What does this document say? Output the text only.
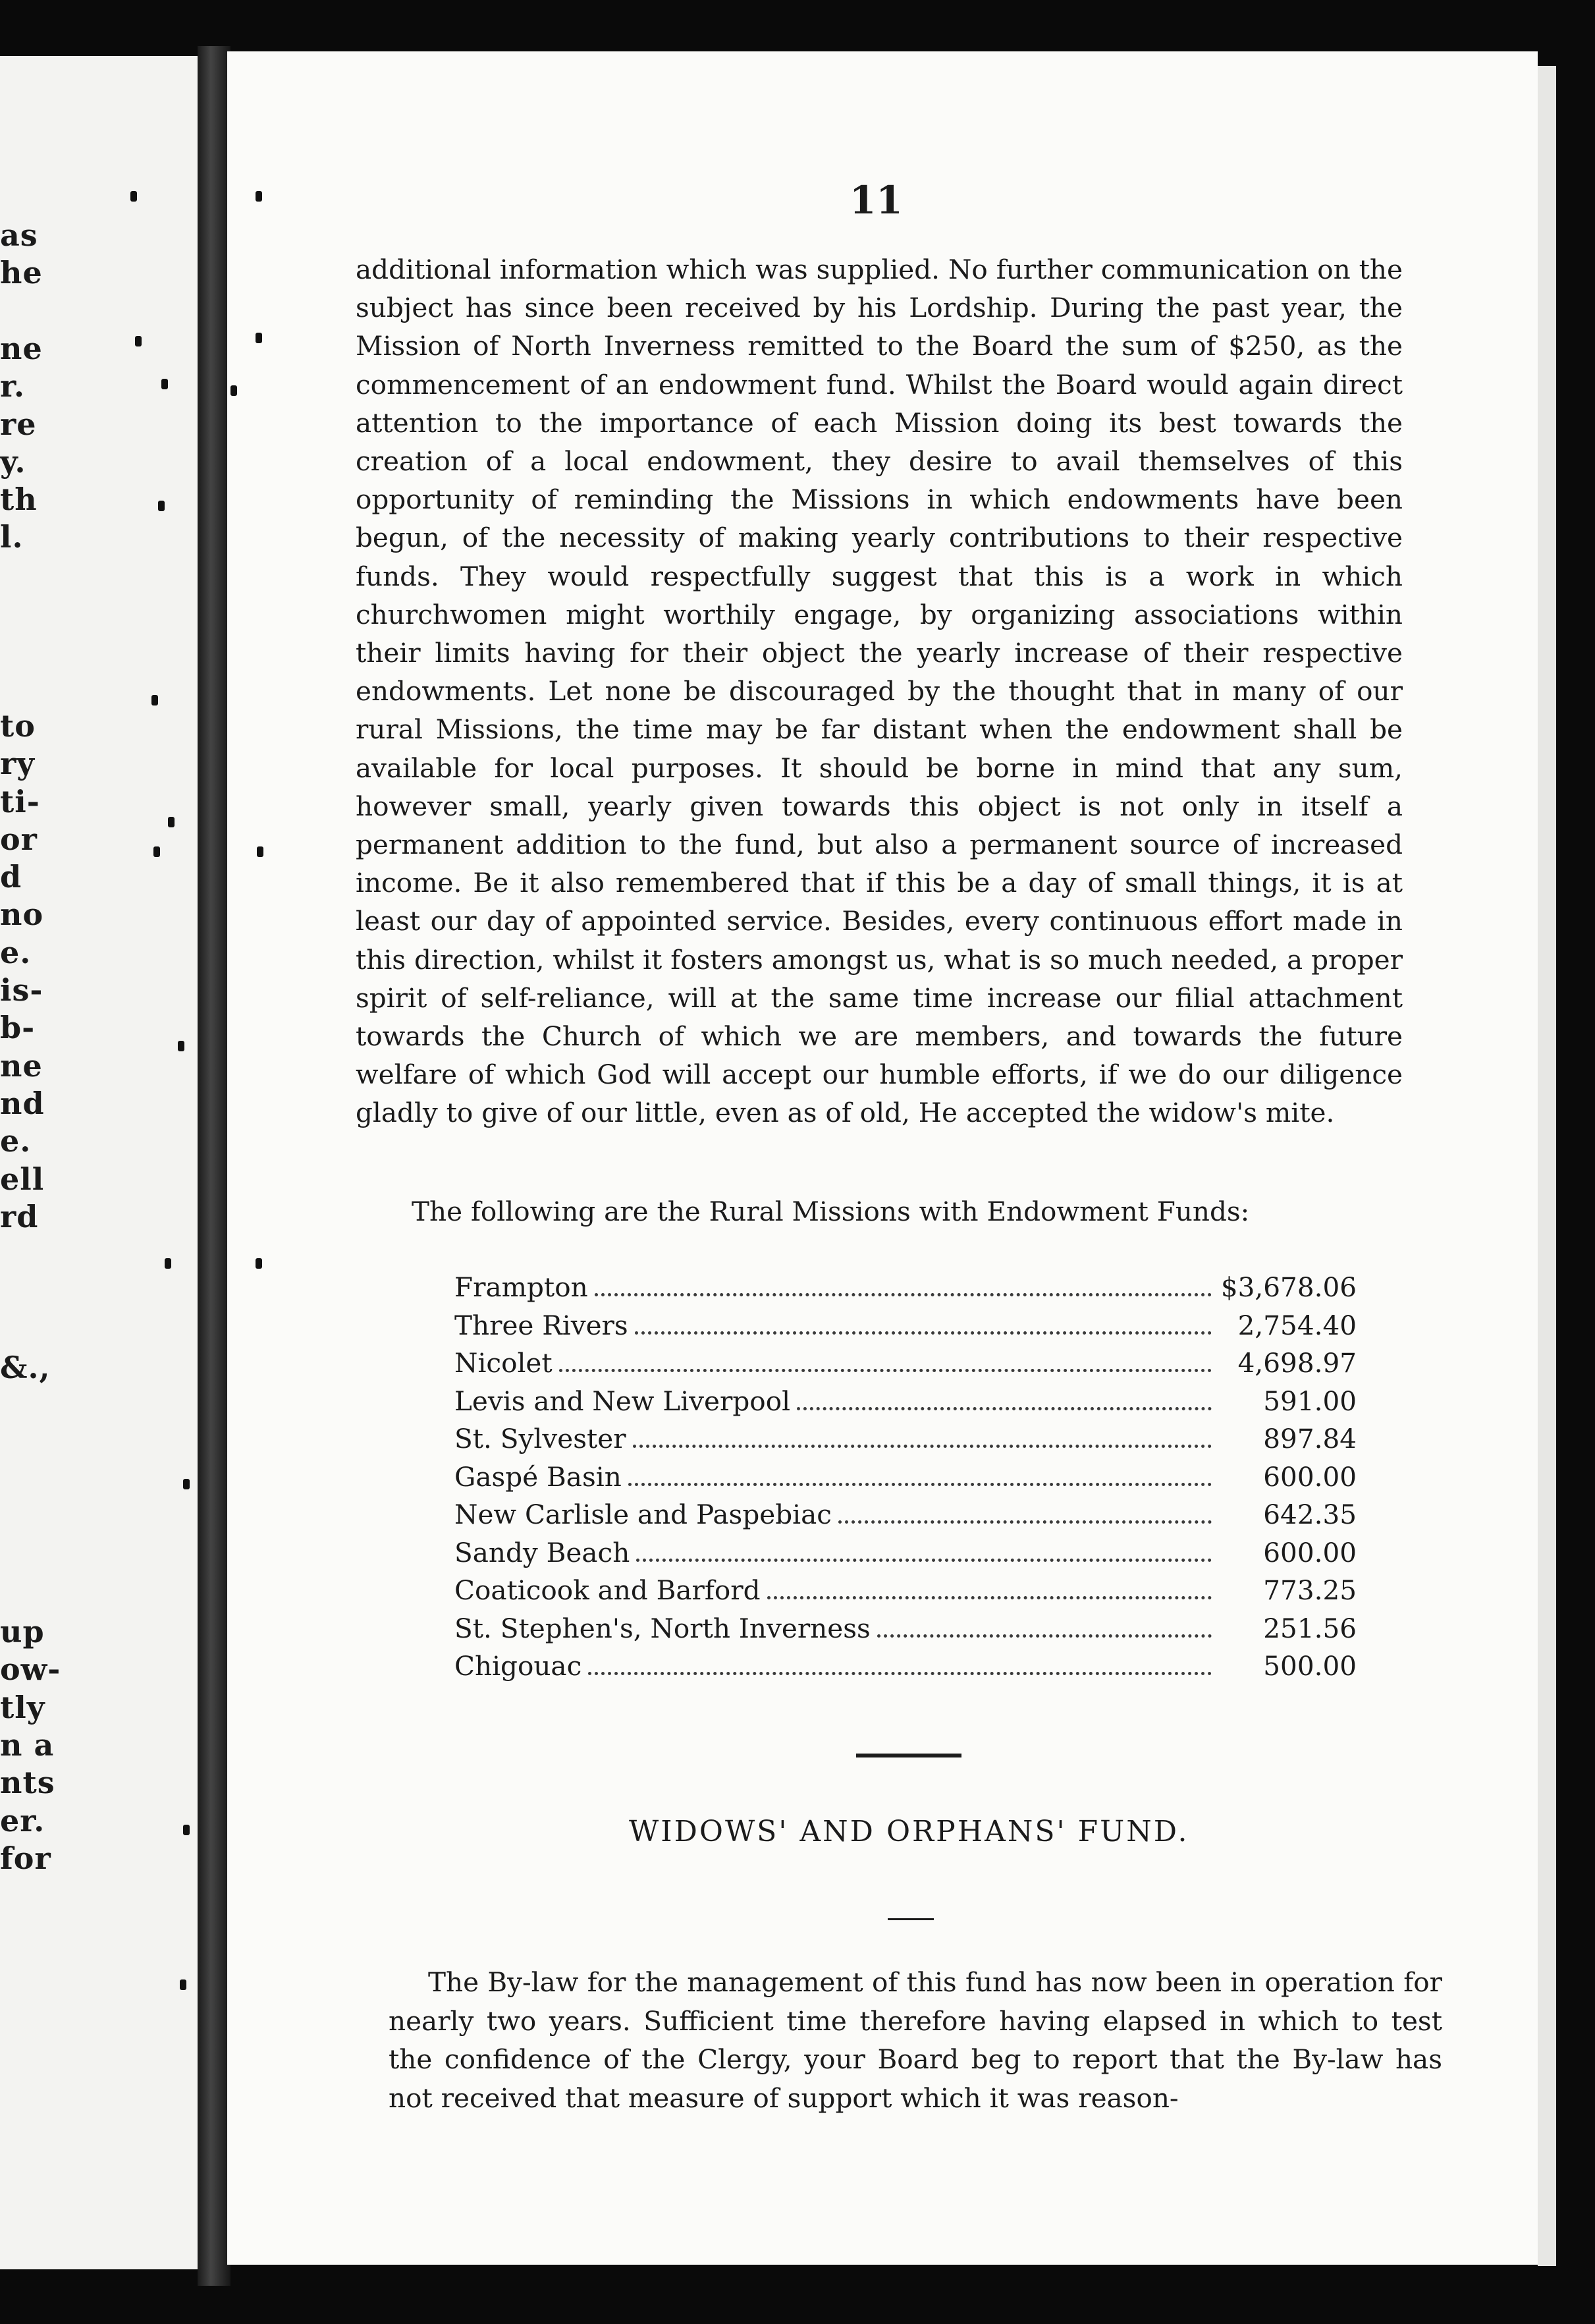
as
he
ne
r.
re
y.
th
l.
to
ry
ti-
or
d
no
e.
is-
b-
ne
nd
e.
ell
rd
&.,
up
ow-
tly
n a
nts
er.
for
11

additional information which was supplied. No further communication on the subject has since been received by his Lordship. During the past year, the Mission of North Inverness remitted to the Board the sum of $250, as the commencement of an endowment fund. Whilst the Board would again direct attention to the importance of each Mission doing its best towards the creation of a local endowment, they desire to avail themselves of this opportunity of reminding the Missions in which endowments have been begun, of the necessity of making yearly contributions to their respective funds. They would respectfully suggest that this is a work in which churchwomen might worthily engage, by organizing associations within their limits having for their object the yearly increase of their respective endowments. Let none be discouraged by the thought that in many of our rural Missions, the time may be far distant when the endowment shall be available for local purposes. It should be borne in mind that any sum, however small, yearly given towards this object is not only in itself a permanent addition to the fund, but also a permanent source of increased income. Be it also remembered that if this be a day of small things, it is at least our day of appointed service. Besides, every continuous effort made in this direction, whilst it fosters amongst us, what is so much needed, a proper spirit of self-reliance, will at the same time increase our filial attachment towards the Church of which we are members, and towards the future welfare of which God will accept our humble efforts, if we do our diligence gladly to give of our little, even as of old, He accepted the widow's mite.

The following are the Rural Missions with Endowment Funds:

Frampton	$3,678.06
Three Rivers	2,754.40
Nicolet	4,698.97
Levis and New Liverpool	591.00
St. Sylvester	897.84
Gaspé Basin	600.00
New Carlisle and Paspebiac	642.35
Sandy Beach	600.00
Coaticook and Barford	773.25
St. Stephen's, North Inverness	251.56
Chigouac	500.00
WIDOWS' AND ORPHANS' FUND.

The By-law for the management of this fund has now been in operation for nearly two years. Sufficient time therefore having elapsed in which to test the confidence of the Clergy, your Board beg to report that the By-law has not received that measure of support which it was reason-
